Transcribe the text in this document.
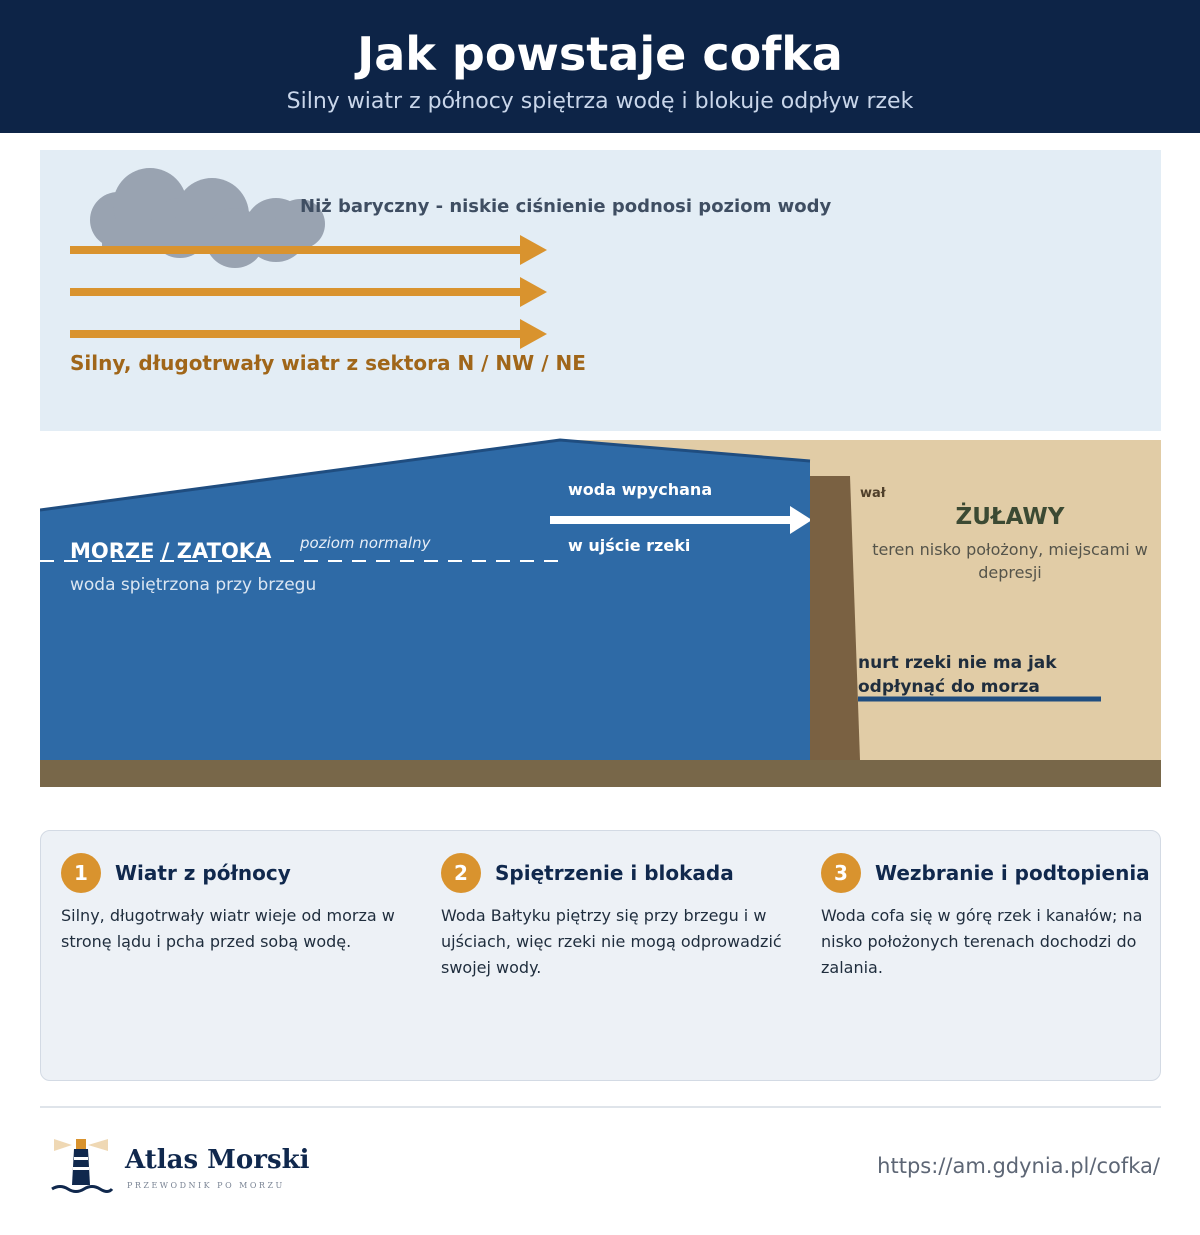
Jak powstaje cofka
Silny wiatr z północy spiętrza wodę i blokuje odpływ rzek
Niż baryczny - niskie ciśnienie podnosi poziom wody
Silny, długotrwały wiatr z sektora N / NW / NE
MORZE / ZATOKA poziom normalny
woda spiętrzona przy brzegu
woda wpychana
w ujście rzeki
wał
ŻUŁAWY
teren nisko położony, miejscami w depresji
nurt rzeki nie ma jak odpłynąć do morza
1	Wiatr z północy
Silny, długotrwały wiatr wieje od morza w stronę lądu i pcha przed sobą wodę.
2	Spiętrzenie i blokada
Woda Bałtyku piętrzy się przy brzegu i w ujściach, więc rzeki nie mogą odprowadzić swojej wody.
3	Wezbranie i podtopienia
Woda cofa się w górę rzek i kanałów; na nisko położonych terenach dochodzi do zalania.
Atlas Morski
PRZEWODNIK PO MORZU
https://am.gdynia.pl/cofka/
